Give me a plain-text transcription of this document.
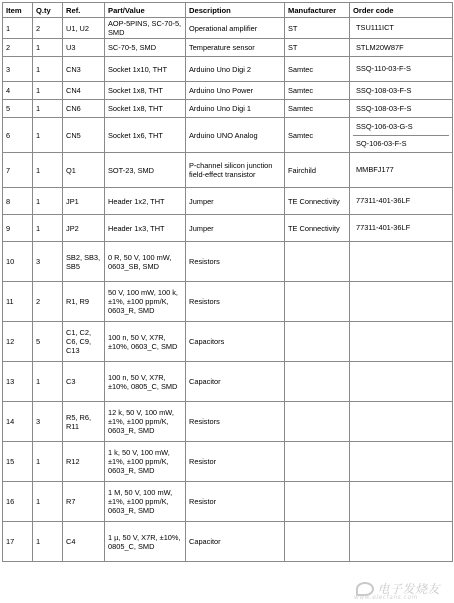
Item	Q.ty	Ref.	Part/Value	Description	Manufacturer	Order code
1	2	U1, U2	AOP-5PINS, SC-70-5, SMD	Operational amplifier	ST	TSU111ICT

2	1	U3	SC-70-5, SMD	Temperature sensor	ST	STLM20W87F

3	1	CN3	Socket 1x10, THT	Arduino Uno Digi 2	Samtec	SSQ-110-03-F-S

4	1	CN4	Socket 1x8, THT	Arduino Uno Power	Samtec	SSQ-108-03-F-S

5	1	CN6	Socket 1x8, THT	Arduino Uno Digi 1	Samtec	SSQ-108-03-F-S

6	1	CN5	Socket 1x6, THT	Arduino UNO Analog	Samtec	SSQ-106-03-G-S
SQ-106-03-F-S

7	1	Q1	SOT-23, SMD	P-channel silicon junction field-effect transistor	Fairchild	MMBFJ177

8	1	JP1	Header 1x2, THT	Jumper	TE Connectivity	77311-401-36LF

9	1	JP2	Header 1x3, THT	Jumper	TE Connectivity	77311-401-36LF

10	3	SB2, SB3, SB5	0 R, 50 V, 100 mW, 0603_SB, SMD	Resistors		

11	2	R1, R9	50 V, 100 mW, 100 k, ±1%, ±100 ppm/K, 0603_R, SMD	Resistors		

12	5	C1, C2, C6, C9, C13	100 n, 50 V, X7R, ±10%, 0603_C, SMD	Capacitors		

13	1	C3	100 n, 50 V, X7R, ±10%, 0805_C, SMD	Capacitor		

14	3	R5, R6, R11	12 k, 50 V, 100 mW, ±1%, ±100 ppm/K, 0603_R, SMD	Resistors		

15	1	R12	1 k, 50 V, 100 mW, ±1%, ±100 ppm/K, 0603_R, SMD	Resistor		

16	1	R7	1 M, 50 V, 100 mW, ±1%, ±100 ppm/K, 0603_R, SMD	Resistor		

17	1	C4	1 µ, 50 V, X7R, ±10%, 0805_C, SMD	Capacitor		
电子发烧友
www.elecfans.com
